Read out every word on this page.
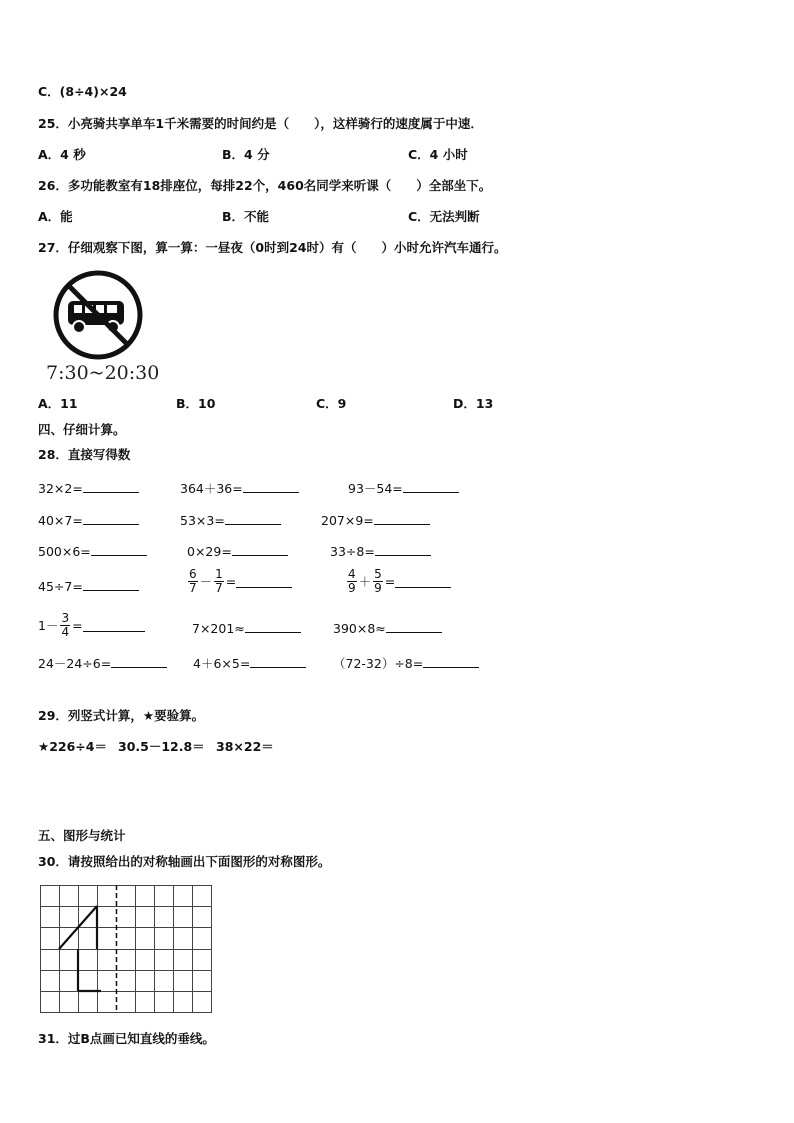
C．(8÷4)×24
25．小亮骑共享单车1千米需要的时间约是（　　），这样骑行的速度属于中速．
A．4 秒	B．4 分	C．4 小时
26．多功能教室有18排座位，每排22个，460名同学来听课（　　）全部坐下。
A．能	B．不能	C．无法判断
27．仔细观察下图，算一算：一昼夜（0时到24时）有（　　）小时允许汽车通行。
7:30~20:30
A．11	B．10	C．9	D．13
四、仔细计算。
28．直接写得数
32×2=	364＋36=	93－54=
40×7=	53×3=	207×9=
500×6=	0×29=	33÷8=
45÷7=	$\frac{6}{7} - \frac{1}{7}$ =	$\frac{4}{9} + \frac{5}{9}$ =
$1- \frac{3}{4}$ =	7×201≈	390×8≈
24－24÷6=	4＋6×5=	（72-32）÷8=
29．列竖式计算，★要验算。
★226÷4＝ 30.5－12.8＝ 38×22＝
五、图形与统计
30．请按照给出的对称轴画出下面图形的对称图形。
31．过B点画已知直线的垂线。
